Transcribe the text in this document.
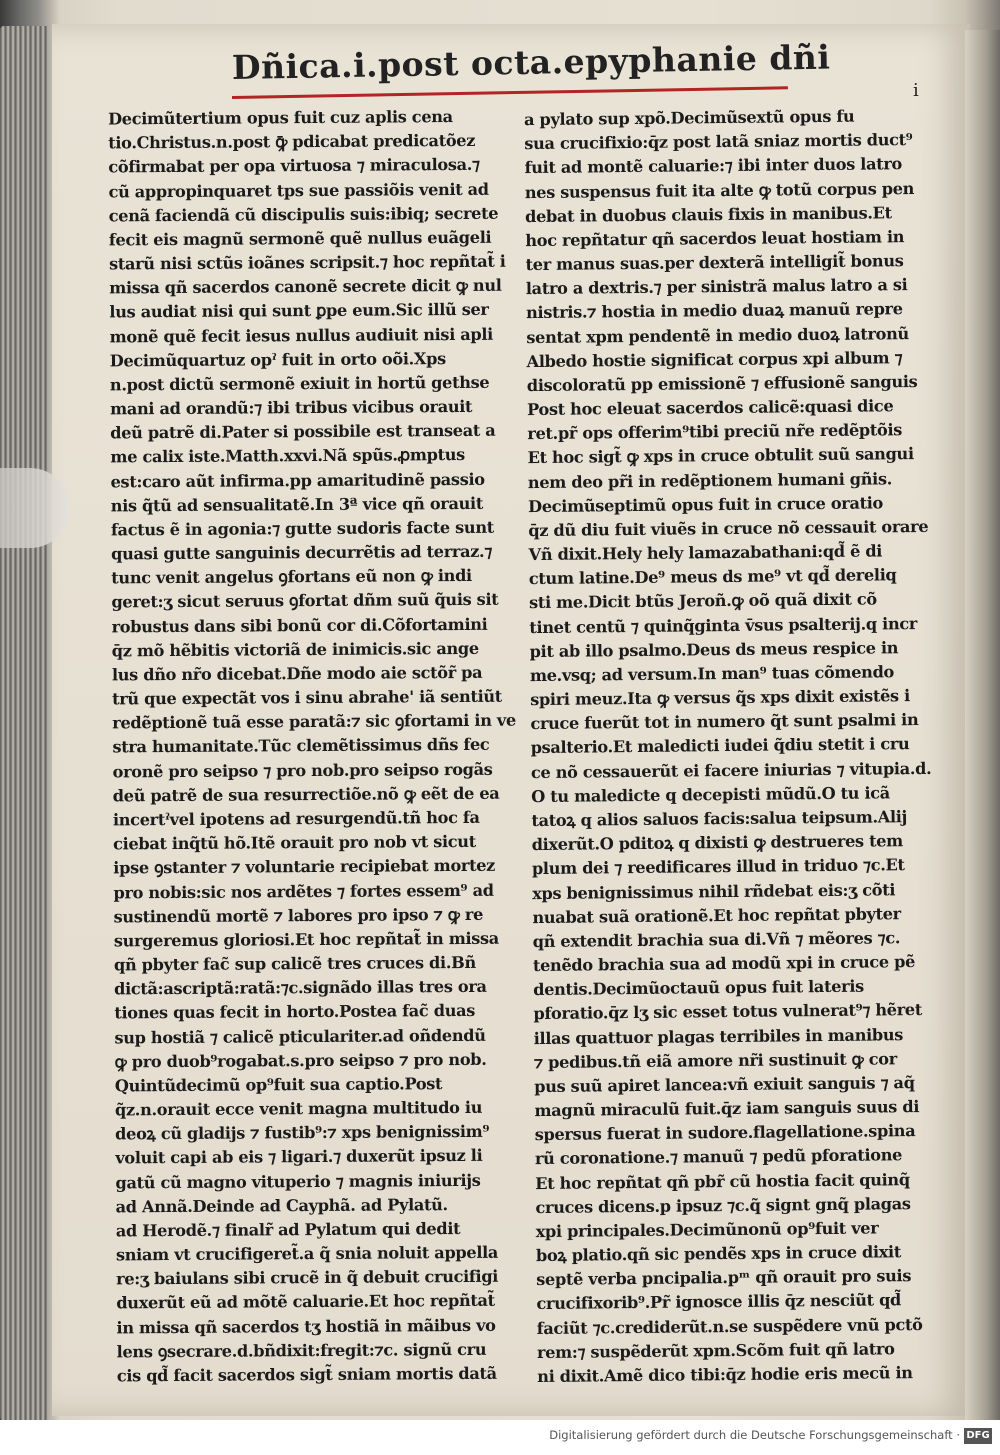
Dñica.i.post octa.epyphanie dñi
i
Decimũtertium opus fuit cuz aplis cena
tio.Christus.n.post ꝙ̄ pdicabat predicatõez
cõfirmabat per opa virtuosa ⁊ miraculosa.⁊
cũ appropinquaret tps sue passiõis venit ad
cenã faciendã cũ discipulis suis:ibiq; secrete
fecit eis magnũ sermonẽ quẽ nullus euãgeli
starũ nisi sctũs ioãnes scripsit.⁊ hoc repñtat̃ i
missa qñ sacerdos canonẽ secrete dicit ꝙ nul
lus audiat nisi qui sunt ꝑpe eum.Sic illũ ser
monẽ quẽ fecit iesus nullus audiuit nisi apli
Decimũquartuz opˀ fuit in orto oõi.Xps
n.post dictũ sermonẽ exiuit in hortũ gethse
mani ad orandũ:⁊ ibi tribus vicibus orauit
deũ patrẽ di.Pater si possibile est transeat a
me calix iste.Matth.xxvi.Nã spũs.ꝓmptus
est:caro aũt infirma.pp amaritudinẽ passio
nis q̃tũ ad sensualitatẽ.In 3ª vice qñ orauit
factus ẽ in agonia:⁊ gutte sudoris facte sunt
quasi gutte sanguinis decurrẽtis ad terraz.⁊
tunc venit angelus ꝯfortans eũ non ꝙ indi
geret:ʒ sicut seruus ꝯfortat dñm suũ q̃uis sit
robustus dans sibi bonũ cor di.Cõfortamini
q̄z mõ hẽbitis victoriã de inimicis.sic ange
lus dño nr̃o dicebat.Dñe modo aie sctõr̃ pa
trũ que expectãt vos i sinu abrahe' iã sentiũt
redẽptionẽ tuã esse paratã:⁊ sic ꝯfortami in ve
stra humanitate.Tũc clemẽtissimus dñs fec
oronẽ pro seipso ⁊ pro nob.pro seipso rogãs
deũ patrẽ de sua resurrectiõe.nõ ꝙ eẽt de ea
incertˀvel ipotens ad resurgendũ.tñ hoc fa
ciebat inq̃tũ hõ.Itẽ orauit pro nob vt sicut
ipse ꝯstanter ⁊ voluntarie recipiebat mortez
pro nobis:sic nos ardẽtes ⁊ fortes essem⁹ ad
sustinendũ mortẽ ⁊ labores pro ipso ⁊ ꝙ re
surgeremus gloriosi.Et hoc repñtat̃ in missa
qñ pbyter fac̃ sup calicẽ tres cruces di.Bñ
dictã:ascriptã:ratã:⁊c.signãdo illas tres ora
tiones quas fecit in horto.Postea fac̃ duas
sup hostiã ⁊ calicẽ pticulariter.ad oñdendũ
ꝙ pro duob⁹rogabat.s.pro seipso ⁊ pro nob.
Quintũdecimũ op⁹fuit sua captio.Post
q̃z.n.orauit ecce venit magna multitudo iu
deoꝝ cũ gladijs ⁊ fustib⁹:⁊ xps benignissim⁹
voluit capi ab eis ⁊ ligari.⁊ duxerũt ipsuz li
gatũ cũ magno vituperio ⁊ magnis iniurijs
ad Annã.Deinde ad Cayphã. ad Pylatũ.
ad Herodẽ.⁊ finalr̃ ad Pylatum qui dedit
sniam vt crucifigeret̃.a q̃ snia noluit appella
re:ʒ baiulans sibi crucẽ in q̃ debuit crucifigi
duxerũt eũ ad mõtẽ caluarie.Et hoc repñtat̃
in missa qñ sacerdos tʒ hostiã in mãibus vo
lens ꝯsecrare.d.bñdixit:fregit:⁊c. signũ cru
cis qd̃ facit sacerdos sigt̃ sniam mortis datã
a pylato sup xpõ.Decimũsextũ opus fu
sua crucifixio:q̄z post latã sniaz mortis duct⁹
fuit ad montẽ caluarie:⁊ ibi inter duos latro
nes suspensus fuit ita alte ꝙ totũ corpus pen
debat in duobus clauis fixis in manibus.Et
hoc repñtatur qñ sacerdos leuat hostiam in
ter manus suas.per dexterã intelligit̃ bonus
latro a dextris.⁊ per sinistrã malus latro a si
nistris.⁊ hostia in medio duaꝝ manuũ repre
sentat xpm pendentẽ in medio duoꝝ latronũ
Albedo hostie significat corpus xpi album ⁊
discoloratũ pp emissionẽ ⁊ effusionẽ sanguis
Post hoc eleuat sacerdos calicẽ:quasi dice
ret.pr̃ ops offerim⁹tibi preciũ nr̃e redẽptõis
Et hoc sigt̃ ꝙ xps in cruce obtulit suũ sangui
nem deo pr̃i in redẽptionem humani gñis.
Decimũseptimũ opus fuit in cruce oratio
q̄z dũ diu fuit viuẽs in cruce nõ cessauit orare
Vñ dixit.Hely hely lamazabathani:qd̃ ẽ di
ctum latine.De⁹ meus ds me⁹ vt qd̃ dereliq
sti me.Dicit btũs Jeroñ.ꝙ oõ quã dixit cõ
tinet centũ ⁊ quinq̃ginta v̄sus psalterij.q incr
pit ab illo psalmo.Deus ds meus respice in
me.vsq; ad versum.In man⁹ tuas cõmendo
spiri meuz.Ita ꝙ versus q̃s xps dixit existẽs i
cruce fuerũt tot in numero q̃t sunt psalmi in
psalterio.Et maledicti iudei q̃diu stetit i cru
ce nõ cessauerũt ei facere iniurias ⁊ vitupia.d.
O tu maledicte q decepisti mũdũ.O tu icã
tatoꝝ q alios saluos facis:salua teipsum.Alij
dixerũt.O pditoꝝ q dixisti ꝙ destrueres tem
plum dei ⁊ reedificares illud in triduo ⁊c.Et
xps benignissimus nihil rñdebat eis:ʒ cõti
nuabat suã orationẽ.Et hoc repñtat pbyter
qñ extendit brachia sua di.Vñ ⁊ mẽores ⁊c.
tenẽdo brachia sua ad modũ xpi in cruce pẽ
dentis.Decimũoctauũ opus fuit lateris
pforatio.q̄z lʒ sic esset totus vulnerat⁹⁊ hẽret
illas quattuor plagas terribiles in manibus
⁊ pedibus.tñ eiã amore nr̃i sustinuit ꝙ cor
pus suũ apiret lancea:vñ exiuit sanguis ⁊ aq̃
magnũ miraculũ fuit.q̄z iam sanguis suus di
spersus fuerat in sudore.flagellatione.spina
rũ coronatione.⁊ manuũ ⁊ pedũ pforatione
Et hoc repñtat qñ pbr̃ cũ hostia facit quinq̃
cruces dicens.p ipsuz ⁊c.q̃ signt gnq̃ plagas
xpi principales.Decimũnonũ op⁹fuit ver
boꝝ platio.qñ sic pendẽs xps in cruce dixit
septẽ verba pncipalia.pᵐ qñ orauit pro suis
crucifixorib⁹.Pr̃ ignosce illis q̄z nesciũt qd̃
faciũt ⁊c.crediderũt.n.se suspẽdere vnũ pctõ
rem:⁊ suspẽderũt xpm.Scõm fuit qñ latro
ni dixit.Amẽ dico tibi:q̄z hodie eris mecũ in
Digitalisierung gefördert durch die Deutsche Forschungsgemeinschaft · DFG
